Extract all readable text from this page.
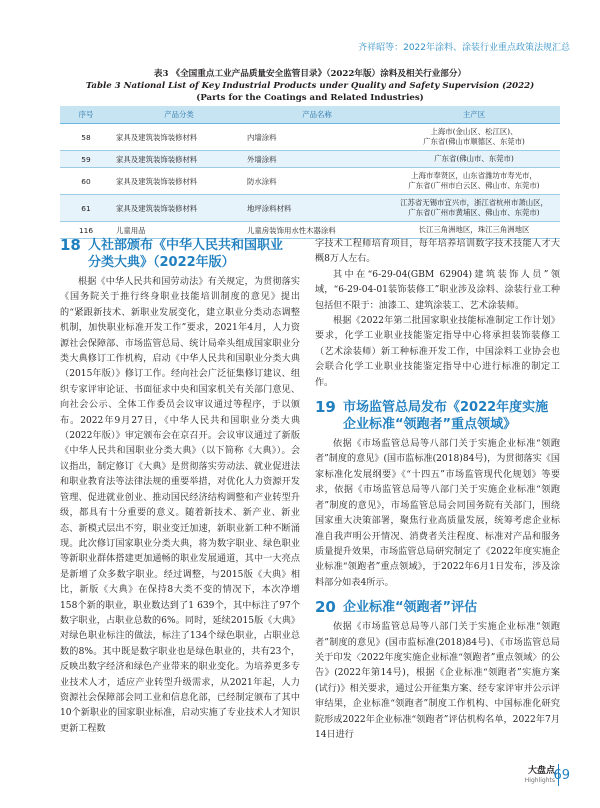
齐祥昭等：2022年涂料、涂装行业重点政策法规汇总
表3 《全国重点工业产品质量安全监管目录》（2022年版）涂料及相关行业部分）
Table 3 National List of Key Industrial Products under Quality and Safety Supervision (2022)
(Parts for the Coatings and Related Industries)
序号	产品分类	产品名称	主产区
58	家具及建筑装饰装修材料	内墙涂料	上海市(金山区、松江区)、
广东省(佛山市顺德区、东莞市)

59	家具及建筑装饰装修材料	外墙涂料	广东省(佛山市、东莞市)

60	家具及建筑装饰装修材料	防水涂料	上海市奉贤区，山东省潍坊市寿光市，
广东省(广州市白云区、佛山市、东莞市)

61	家具及建筑装饰装修材料	地坪涂料材料	江苏省无锡市宜兴市，浙江省杭州市萧山区，
广东省(广州市黄埔区、佛山市、东莞市)

116	儿童用品	儿童房装饰用水性木器涂料	长江三角洲地区，珠江三角洲地区
18 人社部颁布《中华人民共和国职业
分类大典》（2022年版）

根据《中华人民共和国劳动法》有关规定，为贯彻落实《国务院关于推行终身职业技能培训制度的意见》提出的“紧跟新技术、新职业发展变化，建立职业分类动态调整机制，加快职业标准开发工作”要求，2021年4月，人力资源社会保障部、市场监管总局、统计局牵头组成国家职业分类大典修订工作机构，启动《中华人民共和国职业分类大典（2015年版）》修订工作。经向社会广泛征集修订建议、组织专家评审论证、书面征求中央和国家机关有关部门意见、向社会公示、全体工作委员会议审议通过等程序，于以颁布。2022年9月27日，《中华人民共和国职业分类大典（2022年版）》审定颁布会在京召开。会议审议通过了新版《中华人民共和国职业分类大典》（以下简称《大典》）。会议指出，制定修订《大典》是贯彻落实劳动法、就业促进法和职业教育法等法律法规的重要举措，对优化人力资源开发管理、促进就业创业、推动国民经济结构调整和产业转型升级，都具有十分重要的意义。随着新技术、新产业、新业态、新模式层出不穷，职业变迁加速，新职业新工种不断涌现。此次修订国家职业分类大典，将为数字职业、绿色职业等新职业群体搭建更加通畅的职业发展通道，其中一大亮点是新增了众多数字职业。经过调整，与2015版《大典》相比，新版《大典》在保持8大类不变的情况下，本次净增158个新的职业，职业数达到了1 639个，其中标注了97个数字职业，占职业总数的6%。同时，延续2015版《大典》对绿色职业标注的做法，标注了134个绿色职业，占职业总数的8%。其中既是数字职业也是绿色职业的，共有23个，反映出数字经济和绿色产业带来的职业变化。为培养更多专业技术人才，适应产业转型升级需求，从2021年起，人力资源社会保障部会同工业和信息化部，已经制定颁布了其中10个新职业的国家职业标准，启动实施了专业技术人才知识更新工程数

字技术工程师培育项目，每年培养培训数字技术技能人才大概8万人左右。

其中在“6-29-04(GBM 62904)建筑装饰人员”领域，“6-29-04-01装饰装修工”职业涉及涂料、涂装行业工种包括但不限于：油漆工、建筑涂装工、艺术涂装师。

根据《2022年第二批国家职业技能标准制定工作计划》要求，化学工业职业技能鉴定指导中心将承担装饰装修工（艺术涂装师）新工种标准开发工作，中国涂料工业协会也会联合化学工业职业技能鉴定指导中心进行标准的制定工作。

19 市场监管总局发布《2022年度实施
企业标准“领跑者”重点领域》

依据《市场监管总局等八部门关于实施企业标准“领跑者”制度的意见》(国市监标准(2018)84号)，为贯彻落实《国家标准化发展纲要》《“十四五”市场监管现代化规划》等要求，依据《市场监管总局等八部门关于实施企业标准“领跑者”制度的意见》，市场监管总局会同国务院有关部门，围绕国家重大决策部署，聚焦行业高质量发展，统筹考虑企业标准自我声明公开情况、消费者关注程度、标准对产品和服务质量提升效果，市场监管总局研究制定了《2022年度实施企业标准“领跑者”重点领域》，于2022年6月1日发布，涉及涂料部分如表4所示。

20 企业标准“领跑者”评估

依据《市场监管总局等八部门关于实施企业标准“领跑者”制度的意见》(国市监标准(2018)84号)、《市场监管总局关于印发〈2022年度实施企业标准“领跑者”重点领域〉的公告》(2022年第14号)，根据《企业标准“领跑者”实施方案(试行)》相关要求，通过公开征集方案、经专家评审并公示评审结果，企业标准“领跑者”制度工作机构、中国标准化研究院形成2022年企业标准“领跑者”评估机构名单，2022年7月14日进行

大盘点
Highlights
69
